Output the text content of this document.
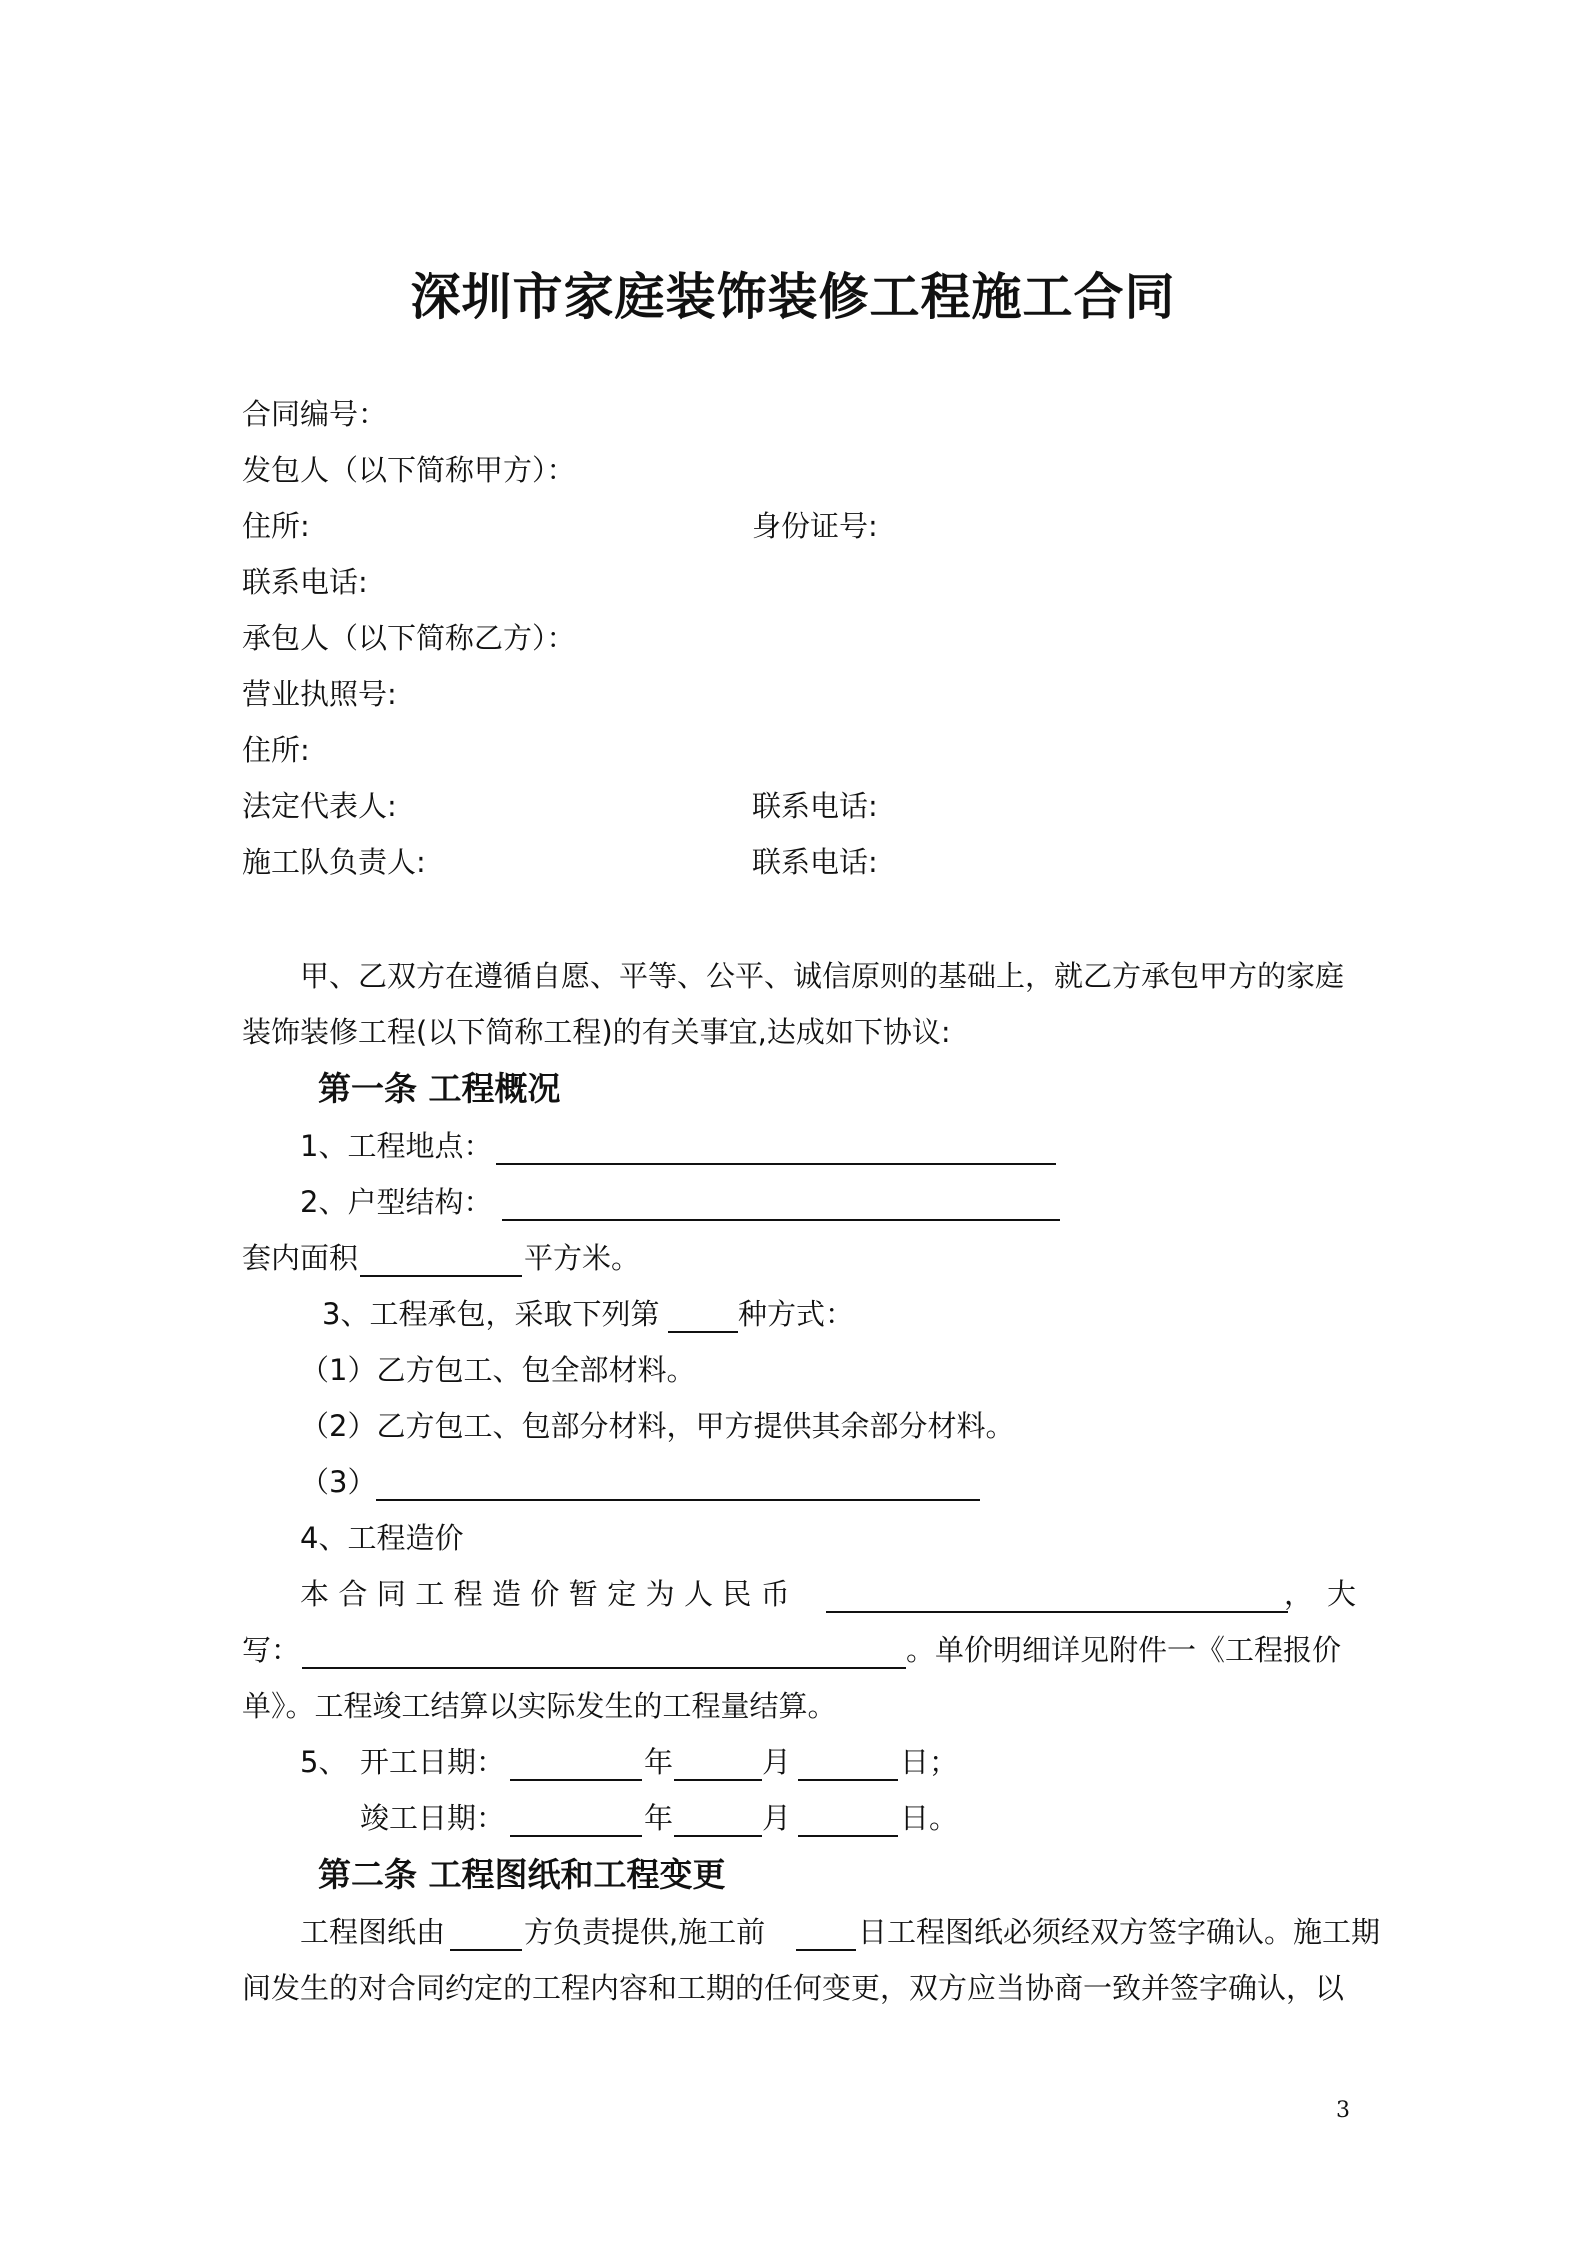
深圳市家庭装饰装修工程施工合同
合同编号：
发包人（以下简称甲方）：
住所:	身份证号:
联系电话:
承包人（以下简称乙方）：
营业执照号:
住所:
法定代表人:	联系电话:
施工队负责人:	联系电话:
甲、乙双方在遵循自愿、平等、公平、诚信原则的基础上，就乙方承包甲方的家庭
装饰装修工程(以下简称工程)的有关事宜,达成如下协议:
第一条 工程概况
1、工程地点：
2、户型结构：
套内面积	平方米。
3、工程承包，采取下列第	种方式：
（1）乙方包工、包全部材料。
（2）乙方包工、包部分材料，甲方提供其余部分材料。
（3）
4、工程造价
本合同工程造价暂定为人民币	，大
写：	。单价明细详见附件一《工程报价
单》。工程竣工结算以实际发生的工程量结算。
5、 开工日期：	年	月	日；
竣工日期：	年	月	日。
第二条 工程图纸和工程变更
工程图纸由	方负责提供,施工前	日工程图纸必须经双方签字确认。施工期
间发生的对合同约定的工程内容和工期的任何变更，双方应当协商一致并签字确认，以
3
